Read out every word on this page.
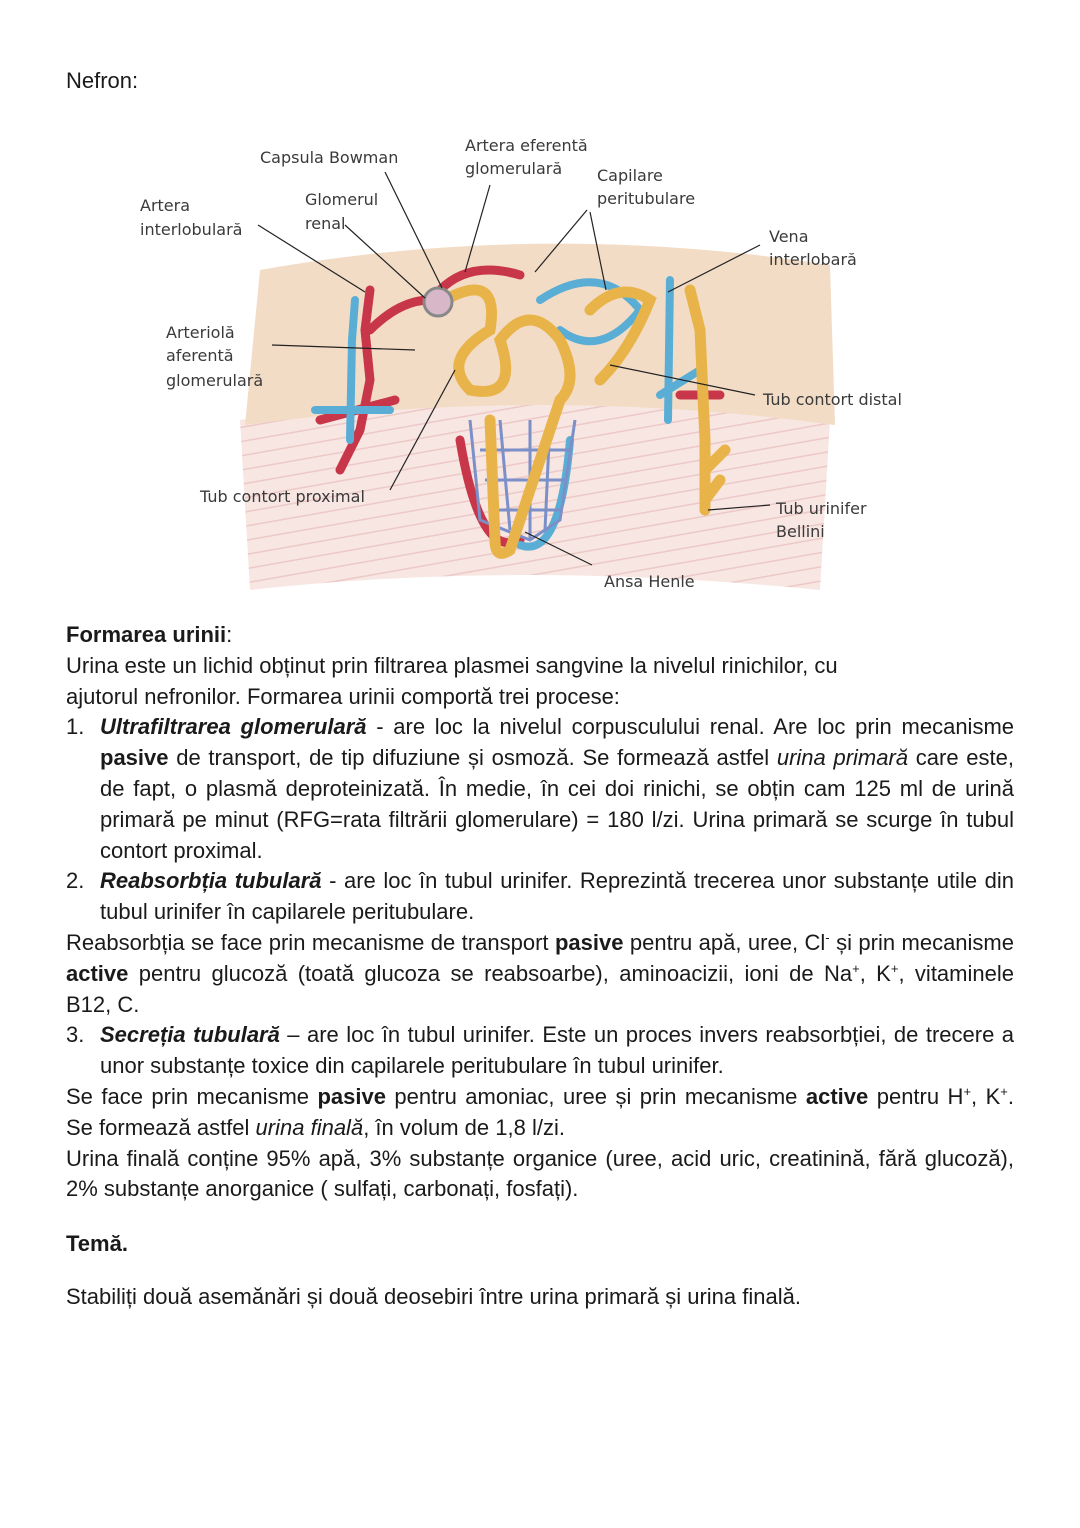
Nefron:
Capsula Bowman
Artera eferentă
glomerulară Capilare
peritubulare
Artera
interlobulară
Glomerul
renal
Vena
interlobară
Arteriolă
aferentă
glomerulară
Tub contort distal
Tub contort proximal
Tub urinifer
Bellini
Ansa Henle
Formarea urinii:
Urina este un lichid obținut prin filtrarea plasmei sangvine la nivelul rinichilor, cu
ajutorul nefronilor. Formarea urinii comportă trei procese:
1. Ultrafiltrarea glomerulară - are loc la nivelul corpusculului renal. Are loc prin mecanisme pasive de transport, de tip difuziune și osmoză. Se formează astfel urina primară care este, de fapt, o plasmă deproteinizată. În medie, în cei doi rinichi, se obțin cam 125 ml de urină primară pe minut (RFG=rata filtrării glomerulare) = 180 l/zi. Urina primară se scurge în tubul contort proximal.
2. Reabsorbția tubulară - are loc în tubul urinifer. Reprezintă trecerea unor substanțe utile din tubul urinifer în capilarele peritubulare.
Reabsorbția se face prin mecanisme de transport pasive pentru apă, uree, Cl- și prin mecanisme active pentru glucoză (toată glucoza se reabsoarbe), aminoacizii, ioni de Na+, K+, vitaminele B12, C.
3. Secreția tubulară – are loc în tubul urinifer. Este un proces invers reabsorbției, de trecere a unor substanțe toxice din capilarele peritubulare în tubul urinifer.
Se face prin mecanisme pasive pentru amoniac, uree și prin mecanisme active pentru H+, K+. Se formează astfel urina finală, în volum de 1,8 l/zi.
Urina finală conține 95% apă, 3% substanțe organice (uree, acid uric, creatinină, fără glucoză), 2% substanțe anorganice ( sulfați, carbonați, fosfați).
Temă.
Stabiliți două asemănări și două deosebiri între urina primară și urina finală.
